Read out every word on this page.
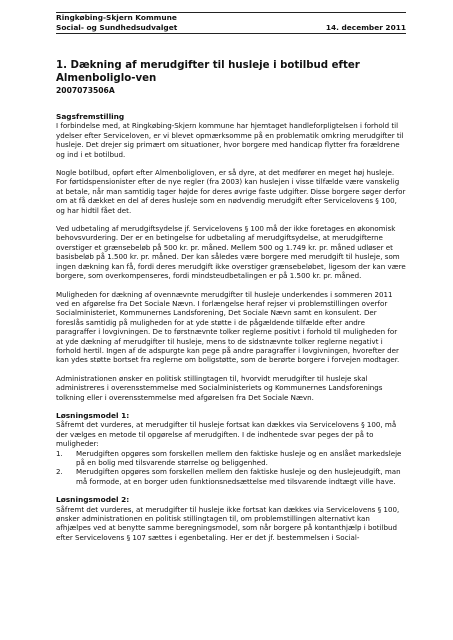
Ringkøbing-Skjern Kommune
Social- og Sundhedsudvalget	14. december 2011
1. Dækning af merudgifter til husleje i botilbud efter Almenboliglo-ven
2007073506A
Sagsfremstilling

I forbindelse med, at Ringkøbing-Skjern kommune har hjemtaget handleforpligtelsen i forhold til ydelser efter Serviceloven, er vi blevet opmærksomme på en problematik omkring merudgifter til husleje. Det drejer sig primært om situationer, hvor borgere med handicap flytter fra forældrene og ind i et botilbud.

Nogle botilbud, opført efter Almenboligloven, er så dyre, at det medfører en meget høj husleje. For førtidspensionister efter de nye regler (fra 2003) kan huslejen i visse tilfælde være vanskelig at betale, når man samtidig tager højde for deres øvrige faste udgifter. Disse borgere søger derfor om at få dækket en del af deres husleje som en nødvendig merudgift efter Servicelovens § 100, og har hidtil fået det.

Ved udbetaling af merudgiftsydelse jf. Servicelovens § 100 må der ikke foretages en økonomisk behovsvurdering. Der er en betingelse for udbetaling af merudgiftsydelse, at merudgifterne overstiger et grænsebeløb på 500 kr. pr. måned. Mellem 500 og 1.749 kr. pr. måned udløser et basisbeløb på 1.500 kr. pr. måned. Der kan således være borgere med merudgift til husleje, som ingen dækning kan få, fordi deres merudgift ikke overstiger grænsebeløbet, ligesom der kan være borgere, som overkompenseres, fordi mindsteudbetalingen er på 1.500 kr. pr. måned.

Muligheden for dækning af ovennævnte merudgifter til husleje underkendes i sommeren 2011 ved en afgørelse fra Det Sociale Nævn. I forlængelse heraf rejser vi problemstillingen overfor Socialministeriet, Kommunernes Landsforening, Det Sociale Nævn samt en konsulent. Der foreslås samtidig på muligheden for at yde støtte i de pågældende tilfælde efter andre paragraffer i lovgivningen. De to førstnævnte tolker reglerne positivt i forhold til muligheden for at yde dækning af merudgifter til husleje, mens to de sidstnævnte tolker reglerne negativt i forhold hertil. Ingen af de adspurgte kan pege på andre paragraffer i lovgivningen, hvorefter der kan ydes støtte bortset fra reglerne om boligstøtte, som de berørte borgere i forvejen modtager.

Administrationen ønsker en politisk stillingtagen til, hvorvidt merudgifter til husleje skal administreres i overensstemmelse med Socialministeriets og Kommunernes Landsforenings tolkning eller i overensstemmelse med afgørelsen fra Det Sociale Nævn.

Løsningsmodel 1:

Såfremt det vurderes, at merudgifter til husleje fortsat kan dækkes via Servicelovens § 100, må der vælges en metode til opgørelse af merudgiften. I de indhentede svar peges der på to muligheder:

1.	Merudgiften opgøres som forskellen mellem den faktiske husleje og en anslået markedsleje på en bolig med tilsvarende størrelse og beliggenhed.
2.	Merudgiften opgøres som forskellen mellem den faktiske husleje og den huslejeudgift, man må formode, at en borger uden funktionsnedsættelse med tilsvarende indtægt ville have.
Løsningsmodel 2:

Såfremt det vurderes, at merudgifter til husleje ikke fortsat kan dækkes via Servicelovens § 100, ønsker administrationen en politisk stillingtagen til, om problemstillingen alternativt kan afhjælpes ved at benytte samme beregningsmodel, som når borgere på kontanthjælp i botilbud efter Servicelovens § 107 sættes i egenbetaling. Her er det jf. bestemmelsen i Social-
